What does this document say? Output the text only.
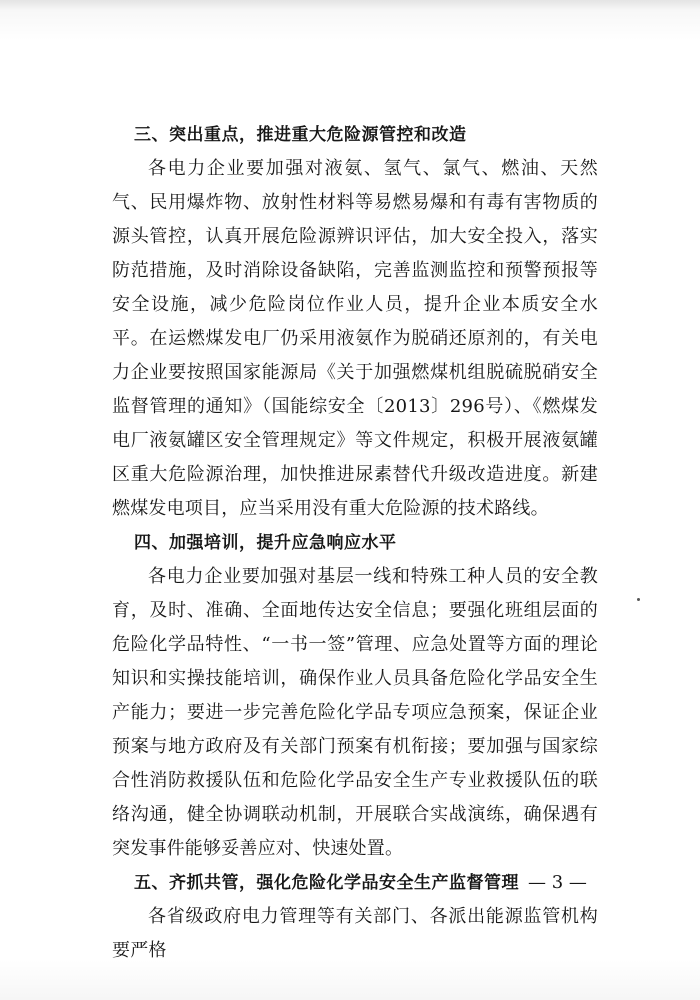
三、突出重点，推进重大危险源管控和改造

各电力企业要加强对液氨、氢气、氯气、燃油、天然气、民用爆炸物、放射性材料等易燃易爆和有毒有害物质的源头管控，认真开展危险源辨识评估，加大安全投入，落实防范措施，及时消除设备缺陷，完善监测监控和预警预报等安全设施，减少危险岗位作业人员，提升企业本质安全水平。在运燃煤发电厂仍采用液氨作为脱硝还原剂的，有关电力企业要按照国家能源局《关于加强燃煤机组脱硫脱硝安全监督管理的通知》（国能综安全〔2013〕296号）、《燃煤发电厂液氨罐区安全管理规定》等文件规定，积极开展液氨罐区重大危险源治理，加快推进尿素替代升级改造进度。新建燃煤发电项目，应当采用没有重大危险源的技术路线。

四、加强培训，提升应急响应水平

各电力企业要加强对基层一线和特殊工种人员的安全教育，及时、准确、全面地传达安全信息；要强化班组层面的危险化学品特性、“一书一签”管理、应急处置等方面的理论知识和实操技能培训，确保作业人员具备危险化学品安全生产能力；要进一步完善危险化学品专项应急预案，保证企业预案与地方政府及有关部门预案有机衔接；要加强与国家综合性消防救援队伍和危险化学品安全生产专业救援队伍的联络沟通，健全协调联动机制，开展联合实战演练，确保遇有突发事件能够妥善应对、快速处置。

五、齐抓共管，强化危险化学品安全生产监督管理

各省级政府电力管理等有关部门、各派出能源监管机构要严格

— 3 —
